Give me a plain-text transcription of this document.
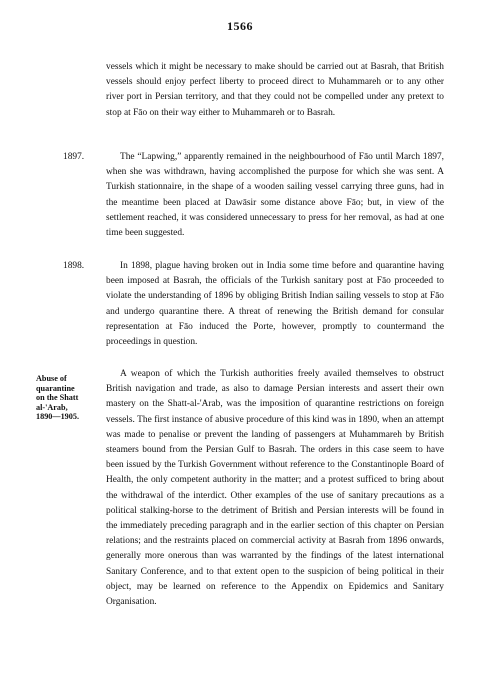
1566

vessels which it might be necessary to make should be carried out at Basrah, that British vessels should enjoy perfect liberty to proceed direct to Muhammareh or to any other river port in Persian territory, and that they could not be compelled under any pretext to stop at Fāo on their way either to Muhammareh or to Basrah.

1897.	The “Lapwing,” apparently remained in the neighbourhood of Fāo until March 1897, when she was withdrawn, having accomplished the purpose for which she was sent. A Turkish stationnaire, in the shape of a wooden sailing vessel carrying three guns, had in the meantime been placed at Dawāsir some distance above Fāo; but, in view of the settlement reached, it was considered unnecessary to press for her removal, as had at one time been suggested.

1898.	In 1898, plague having broken out in India some time before and quarantine having been imposed at Basrah, the officials of the Turkish sanitary post at Fāo proceeded to violate the understanding of 1896 by obliging British Indian sailing vessels to stop at Fāo and undergo quarantine there. A threat of renewing the British demand for consular representation at Fāo induced the Porte, however, promptly to countermand the proceedings in question.

Abuse of
quarantine
on the Shatt
al-'Arab,
1890—1905.

A weapon of which the Turkish authorities freely availed themselves to obstruct British navigation and trade, as also to damage Persian interests and assert their own mastery on the Shatt-al-'Arab, was the imposition of quarantine restrictions on foreign vessels. The first instance of abusive procedure of this kind was in 1890, when an attempt was made to penalise or prevent the landing of passengers at Muhammareh by British steamers bound from the Persian Gulf to Basrah. The orders in this case seem to have been issued by the Turkish Government without reference to the Constantinople Board of Health, the only competent authority in the matter; and a protest sufficed to bring about the withdrawal of the interdict. Other examples of the use of sanitary precautions as a political stalking-horse to the detriment of British and Persian interests will be found in the immediately preceding paragraph and in the earlier section of this chapter on Persian relations; and the restraints placed on commercial activity at Basrah from 1896 onwards, generally more onerous than was warranted by the findings of the latest international Sanitary Conference, and to that extent open to the suspicion of being political in their object, may be learned on reference to the Appendix on Epidemics and Sanitary Organisation.
